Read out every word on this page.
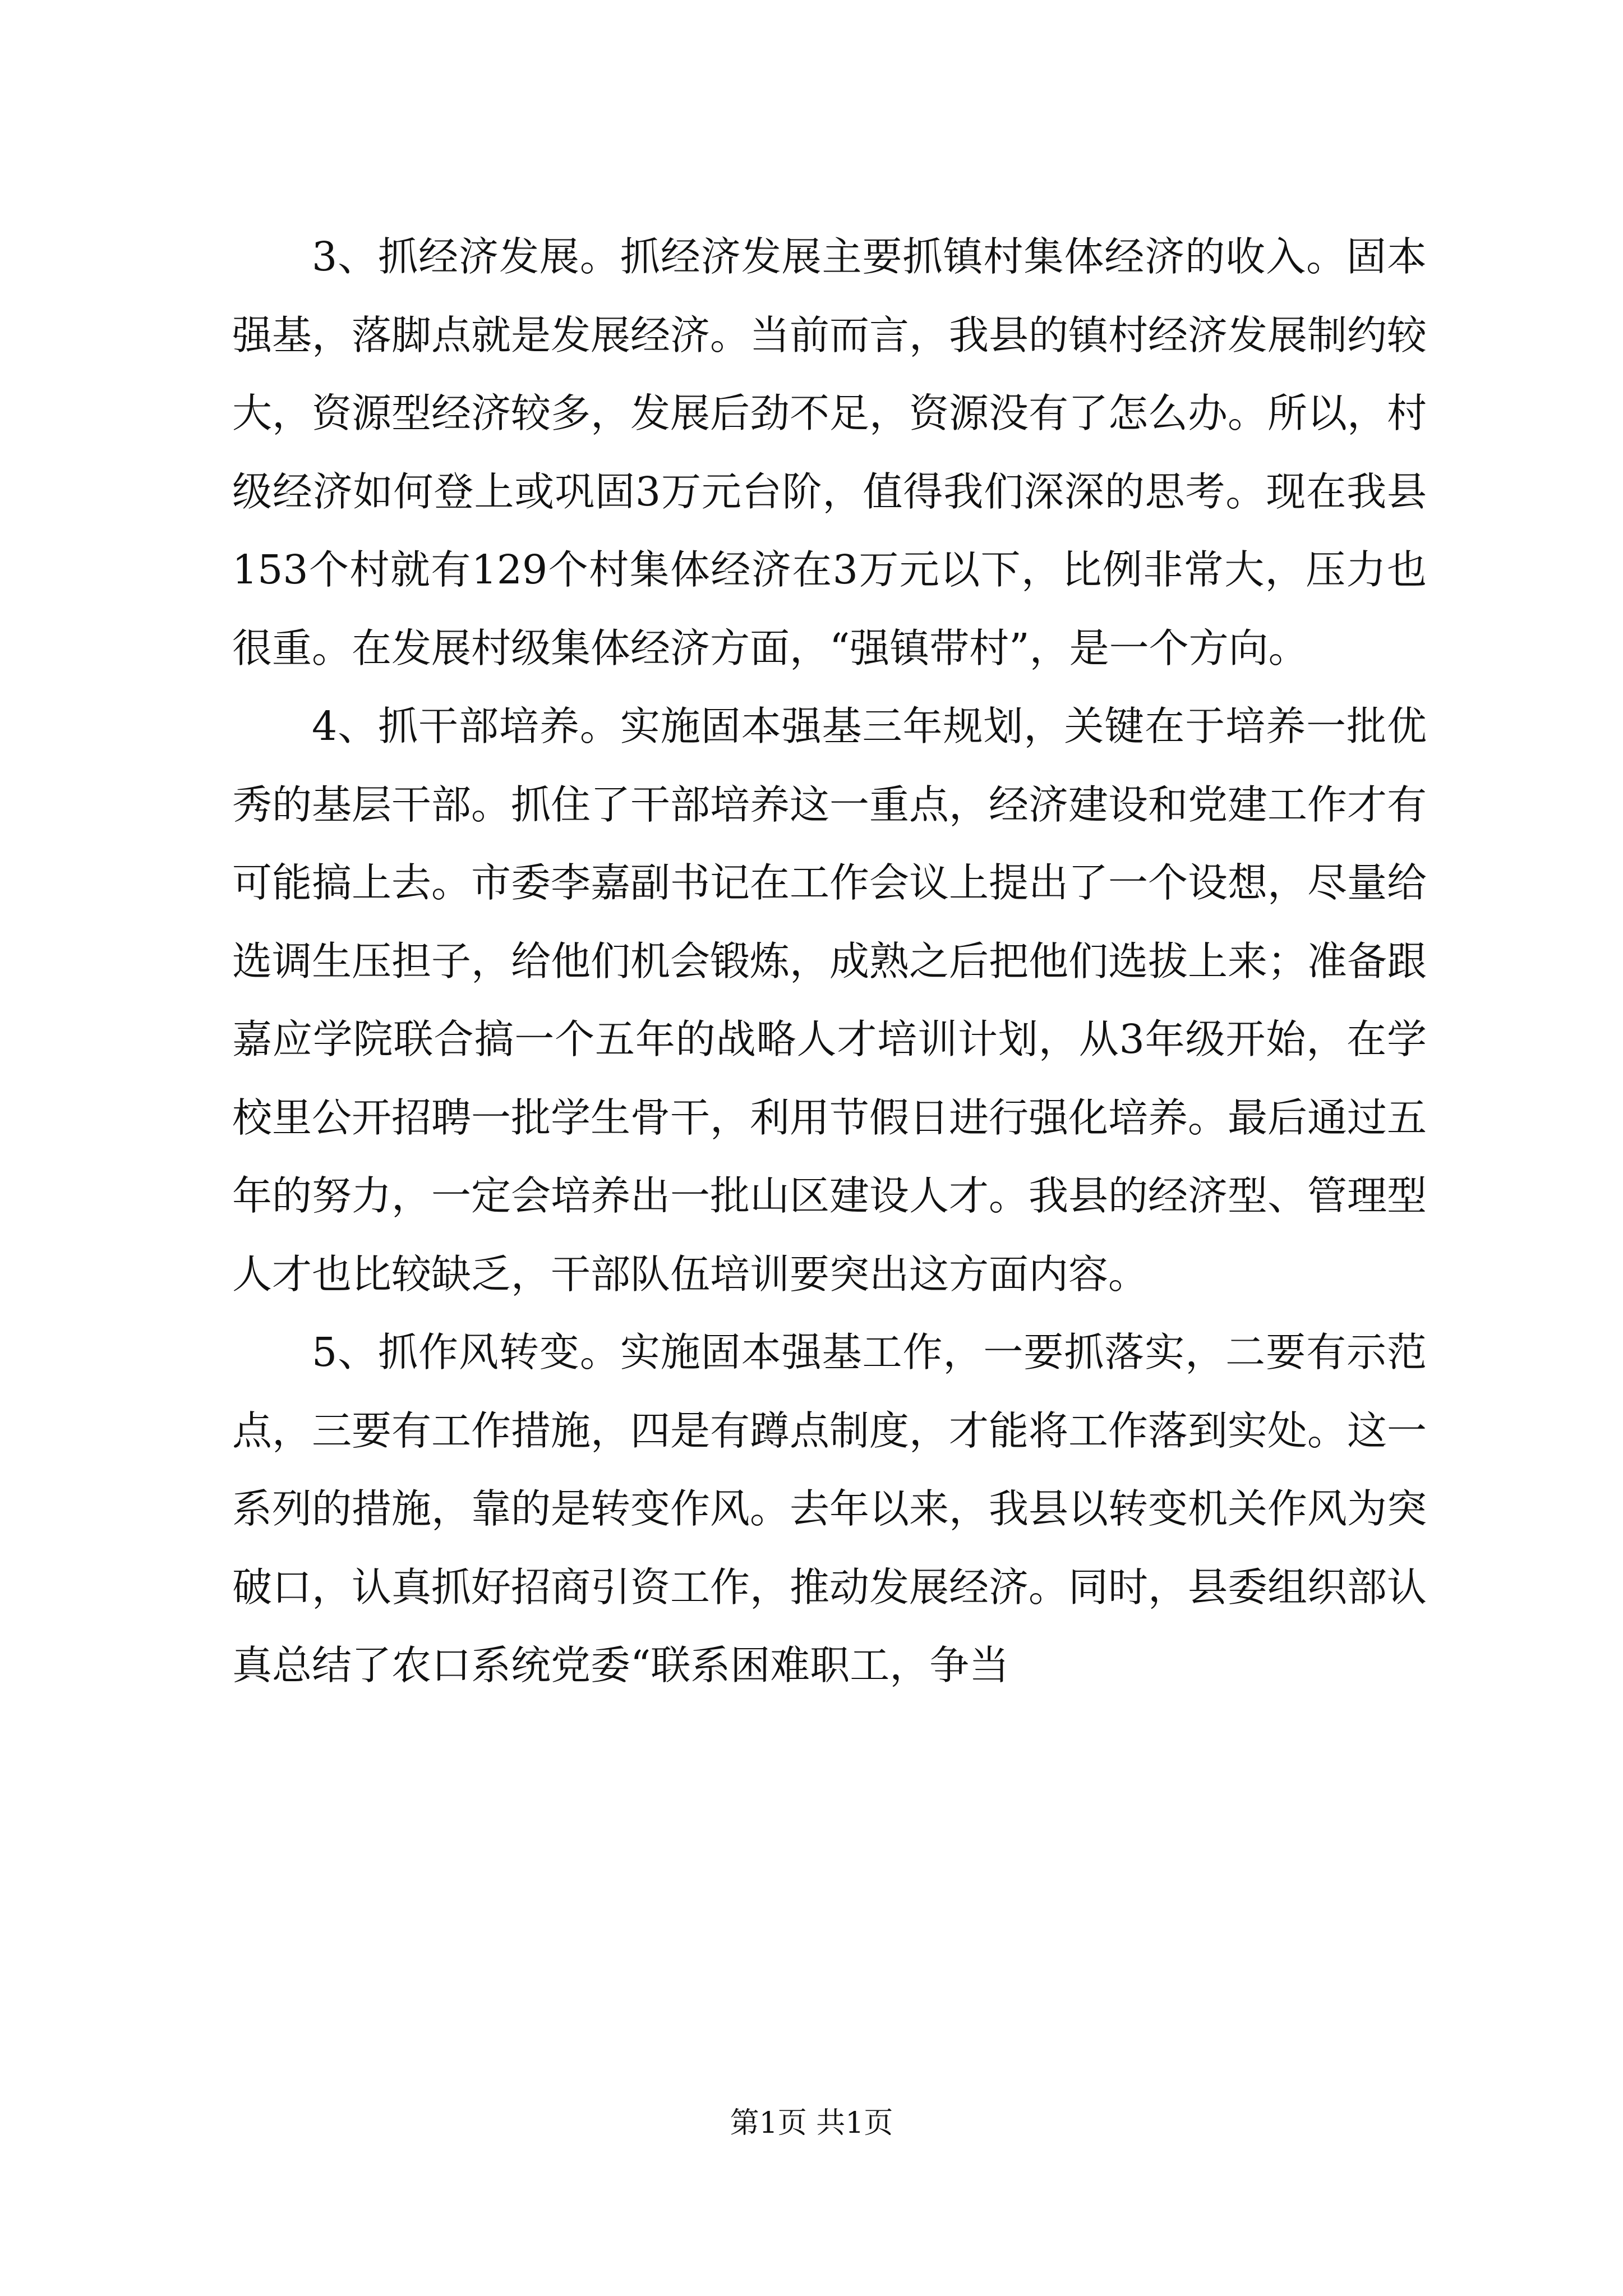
3、抓经济发展。抓经济发展主要抓镇村集体经济的收入。固本强基，落脚点就是发展经济。当前而言，我县的镇村经济发展制约较大，资源型经济较多，发展后劲不足，资源没有了怎么办。所以，村级经济如何登上或巩固3万元台阶，值得我们深深的思考。现在我县153个村就有129个村集体经济在3万元以下，比例非常大，压力也很重。在发展村级集体经济方面，“强镇带村”，是一个方向。

4、抓干部培养。实施固本强基三年规划，关键在于培养一批优秀的基层干部。抓住了干部培养这一重点，经济建设和党建工作才有可能搞上去。市委李嘉副书记在工作会议上提出了一个设想，尽量给选调生压担子，给他们机会锻炼，成熟之后把他们选拔上来；准备跟嘉应学院联合搞一个五年的战略人才培训计划，从3年级开始，在学校里公开招聘一批学生骨干，利用节假日进行强化培养。最后通过五年的努力，一定会培养出一批山区建设人才。我县的经济型、管理型人才也比较缺乏，干部队伍培训要突出这方面内容。

5、抓作风转变。实施固本强基工作，一要抓落实，二要有示范点，三要有工作措施，四是有蹲点制度，才能将工作落到实处。这一系列的措施，靠的是转变作风。去年以来，我县以转变机关作风为突破口，认真抓好招商引资工作，推动发展经济。同时，县委组织部认真总结了农口系统党委“联系困难职工，争当

第1页 共1页
